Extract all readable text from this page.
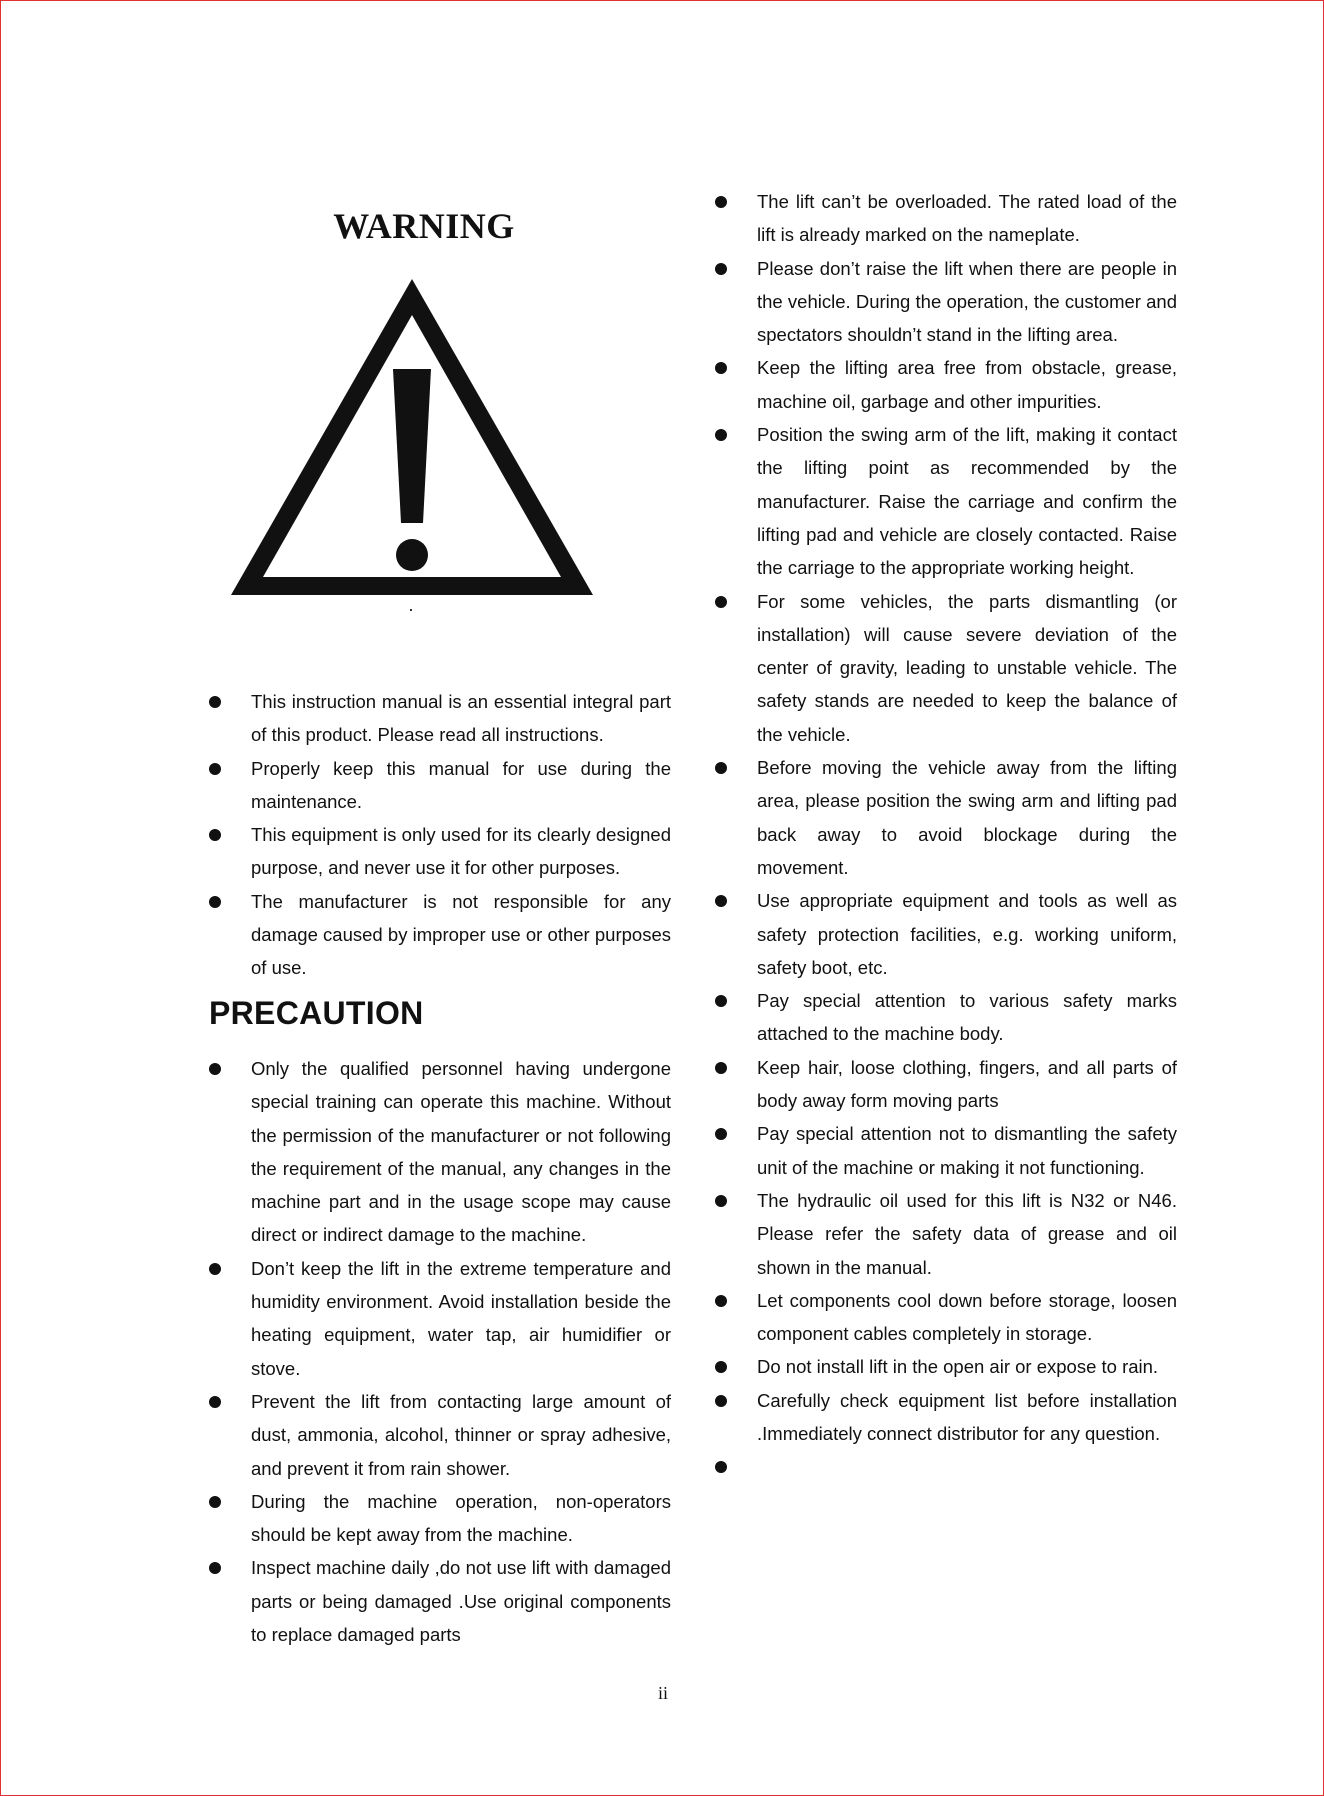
WARNING
This instruction manual is an essential integral part of this product. Please read all instructions.
Properly keep this manual for use during the maintenance.
This equipment is only used for its clearly designed purpose, and never use it for other purposes.
The manufacturer is not responsible for any damage caused by improper use or other purposes of use.
PRECAUTION
Only the qualified personnel having undergone special training can operate this machine. Without the permission of the manufacturer or not following the requirement of the manual, any changes in the machine part and in the usage scope may cause direct or indirect damage to the machine.
Don’t keep the lift in the extreme temperature and humidity environment. Avoid installation beside the heating equipment, water tap, air humidifier or stove.
Prevent the lift from contacting large amount of dust, ammonia, alcohol, thinner or spray adhesive, and prevent it from rain shower.
During the machine operation, non-operators should be kept away from the machine.
Inspect machine daily ,do not use lift with damaged parts or being damaged .Use original components to replace damaged parts
The lift can’t be overloaded. The rated load of the lift is already marked on the nameplate.
Please don’t raise the lift when there are people in the vehicle. During the operation, the customer and spectators shouldn’t stand in the lifting area.
Keep the lifting area free from obstacle, grease, machine oil, garbage and other impurities.
Position the swing arm of the lift, making it contact the lifting point as recommended by the manufacturer. Raise the carriage and confirm the lifting pad and vehicle are closely contacted. Raise the carriage to the appropriate working height.
For some vehicles, the parts dismantling (or installation) will cause severe deviation of the center of gravity, leading to unstable vehicle. The safety stands are needed to keep the balance of the vehicle.
Before moving the vehicle away from the lifting area, please position the swing arm and lifting pad back away to avoid blockage during the movement.
Use appropriate equipment and tools as well as safety protection facilities, e.g. working uniform, safety boot, etc.
Pay special attention to various safety marks attached to the machine body.
Keep hair, loose clothing, fingers, and all parts of body away form moving parts
Pay special attention not to dismantling the safety unit of the machine or making it not functioning.
The hydraulic oil used for this lift is N32 or N46. Please refer the safety data of grease and oil shown in the manual.
Let components cool down before storage, loosen component cables completely in storage.
Do not install lift in the open air or expose to rain.
Carefully check equipment list before installation .Immediately connect distributor for any question.

ii
